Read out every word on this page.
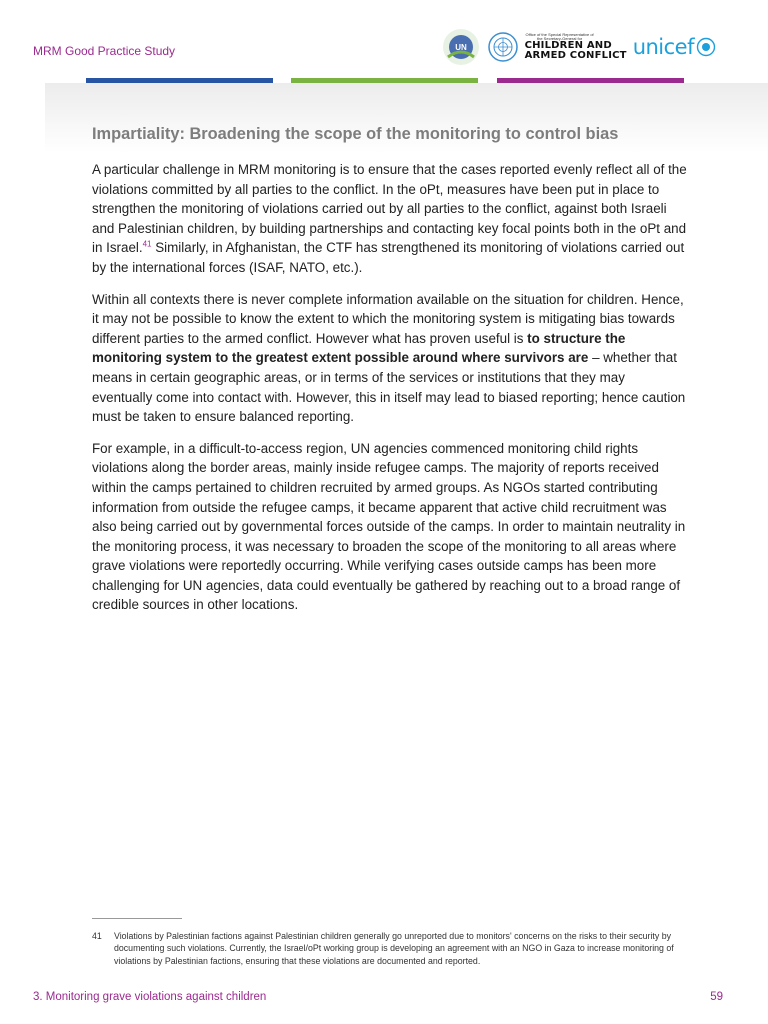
MRM Good Practice Study	UN
Office of the Special Representative of the Secretary-General for
CHILDREN AND
ARMED CONFLICT unicef
Impartiality: Broadening the scope of the monitoring to control bias

A particular challenge in MRM monitoring is to ensure that the cases reported evenly reflect all of the violations committed by all parties to the conflict. In the oPt, measures have been put in place to strengthen the monitoring of violations carried out by all parties to the conflict, against both Israeli and Palestinian children, by building partnerships and contacting key focal points both in the oPt and in Israel.$^{41}$ Similarly, in Afghanistan, the CTF has strengthened its monitoring of violations carried out by the international forces (ISAF, NATO, etc.).

Within all contexts there is never complete information available on the situation for children. Hence, it may not be possible to know the extent to which the monitoring system is mitigating bias towards different parties to the armed conflict. However what has proven useful is to structure the monitoring system to the greatest extent possible around where survivors are – whether that means in certain geographic areas, or in terms of the services or institutions that they may eventually come into contact with. However, this in itself may lead to biased reporting; hence caution must be taken to ensure balanced reporting.

For example, in a difficult-to-access region, UN agencies commenced monitoring child rights violations along the border areas, mainly inside refugee camps. The majority of reports received within the camps pertained to children recruited by armed groups. As NGOs started contributing information from outside the refugee camps, it became apparent that active child recruitment was also being carried out by governmental forces outside of the camps. In order to maintain neutrality in the monitoring process, it was necessary to broaden the scope of the monitoring to all areas where grave violations were reportedly occurring. While verifying cases outside camps has been more challenging for UN agencies, data could eventually be gathered by reaching out to a broad range of credible sources in other locations.

41 Violations by Palestinian factions against Palestinian children generally go unreported due to monitors' concerns on the risks to their security by documenting such violations. Currently, the Israel/oPt working group is developing an agreement with an NGO in Gaza to increase monitoring of violations by Palestinian factions, ensuring that these violations are documented and reported.
3. Monitoring grave violations against children	59
